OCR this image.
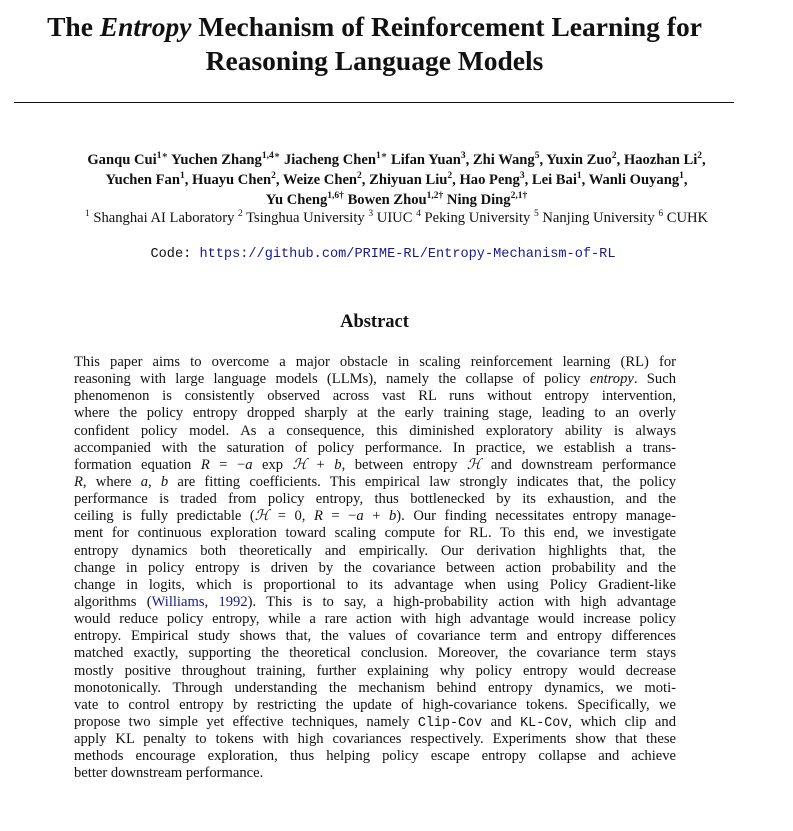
The Entropy Mechanism of Reinforcement Learning for
Reasoning Language Models
Ganqu Cui$^{1∗}$ Yuchen Zhang$^{1,4∗}$ Jiacheng Chen$^{1∗}$ Lifan Yuan$^3$, Zhi Wang$^5$, Yuxin Zuo$^2$, Haozhan Li$^2$,
Yuchen Fan$^1$, Huayu Chen$^2$, Weize Chen$^2$, Zhiyuan Liu$^2$, Hao Peng$^3$, Lei Bai$^1$, Wanli Ouyang$^1$,
Yu Cheng$^{1,6\dagger}$ Bowen Zhou$^{1,2\dagger}$ Ning Ding$^{2,1\dagger}$
$^1$ Shanghai AI Laboratory $^2$ Tsinghua University $^3$ UIUC $^4$ Peking University $^5$ Nanjing University $^6$ CUHK
Code: https://github.com/PRIME-RL/Entropy-Mechanism-of-RL
Abstract
This paper aims to overcome a major obstacle in scaling reinforcement learning (RL) for
reasoning with large language models (LLMs), namely the collapse of policy entropy. Such
phenomenon is consistently observed across vast RL runs without entropy intervention,
where the policy entropy dropped sharply at the early training stage, leading to an overly
confident policy model. As a consequence, this diminished exploratory ability is always
accompanied with the saturation of policy performance. In practice, we establish a trans-
formation equation R = −a exp ℋ + b, between entropy ℋ and downstream performance
R, where a, b are fitting coefficients. This empirical law strongly indicates that, the policy
performance is traded from policy entropy, thus bottlenecked by its exhaustion, and the
ceiling is fully predictable (ℋ = 0, R = −a + b). Our finding necessitates entropy manage-
ment for continuous exploration toward scaling compute for RL. To this end, we investigate
entropy dynamics both theoretically and empirically. Our derivation highlights that, the
change in policy entropy is driven by the covariance between action probability and the
change in logits, which is proportional to its advantage when using Policy Gradient-like
algorithms (Williams, 1992). This is to say, a high-probability action with high advantage
would reduce policy entropy, while a rare action with high advantage would increase policy
entropy. Empirical study shows that, the values of covariance term and entropy differences
matched exactly, supporting the theoretical conclusion. Moreover, the covariance term stays
mostly positive throughout training, further explaining why policy entropy would decrease
monotonically. Through understanding the mechanism behind entropy dynamics, we moti-
vate to control entropy by restricting the update of high-covariance tokens. Specifically, we
propose two simple yet effective techniques, namely Clip-Cov and KL-Cov, which clip and
apply KL penalty to tokens with high covariances respectively. Experiments show that these
methods encourage exploration, thus helping policy escape entropy collapse and achieve
better downstream performance.
